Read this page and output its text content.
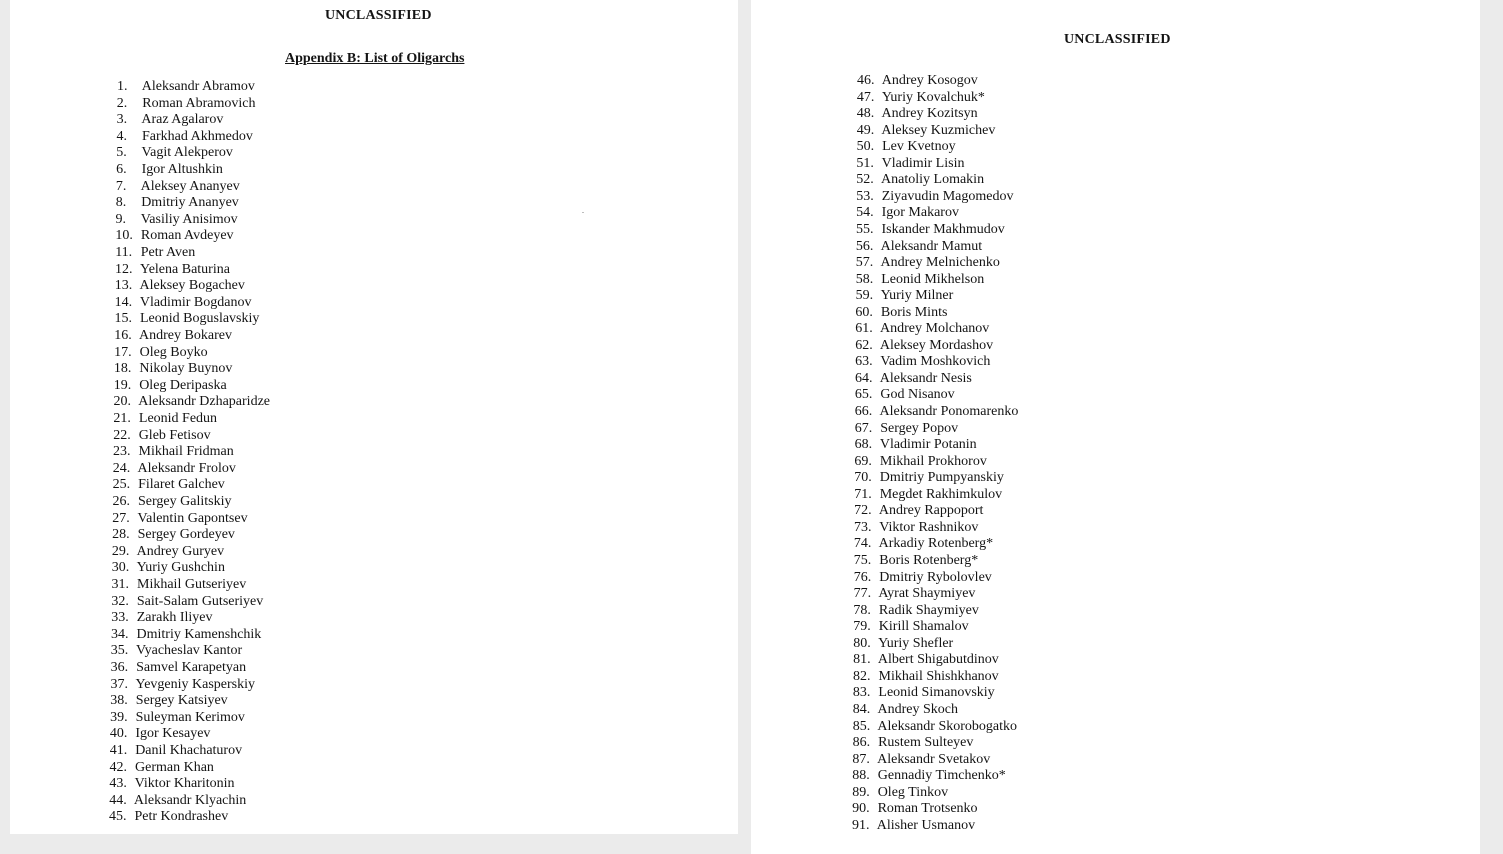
UNCLASSIFIED
Appendix B: List of Oligarchs
1. Aleksandr Abramov
2. Roman Abramovich
3. Araz Agalarov
4. Farkhad Akhmedov
5. Vagit Alekperov
6. Igor Altushkin
7. Aleksey Ananyev
8. Dmitriy Ananyev
9. Vasiliy Anisimov
10. Roman Avdeyev
11. Petr Aven
12. Yelena Baturina
13. Aleksey Bogachev
14. Vladimir Bogdanov
15. Leonid Boguslavskiy
16. Andrey Bokarev
17. Oleg Boyko
18. Nikolay Buynov
19. Oleg Deripaska
20. Aleksandr Dzhaparidze
21. Leonid Fedun
22. Gleb Fetisov
23. Mikhail Fridman
24. Aleksandr Frolov
25. Filaret Galchev
26. Sergey Galitskiy
27. Valentin Gapontsev
28. Sergey Gordeyev
29. Andrey Guryev
30. Yuriy Gushchin
31. Mikhail Gutseriyev
32. Sait-Salam Gutseriyev
33. Zarakh Iliyev
34. Dmitriy Kamenshchik
35. Vyacheslav Kantor
36. Samvel Karapetyan
37. Yevgeniy Kasperskiy
38. Sergey Katsiyev
39. Suleyman Kerimov
40. Igor Kesayev
41. Danil Khachaturov
42. German Khan
43. Viktor Kharitonin
44. Aleksandr Klyachin
45. Petr Kondrashev
UNCLASSIFIED
46. Andrey Kosogov
47. Yuriy Kovalchuk*
48. Andrey Kozitsyn
49. Aleksey Kuzmichev
50. Lev Kvetnoy
51. Vladimir Lisin
52. Anatoliy Lomakin
53. Ziyavudin Magomedov
54. Igor Makarov
55. Iskander Makhmudov
56. Aleksandr Mamut
57. Andrey Melnichenko
58. Leonid Mikhelson
59. Yuriy Milner
60. Boris Mints
61. Andrey Molchanov
62. Aleksey Mordashov
63. Vadim Moshkovich
64. Aleksandr Nesis
65. God Nisanov
66. Aleksandr Ponomarenko
67. Sergey Popov
68. Vladimir Potanin
69. Mikhail Prokhorov
70. Dmitriy Pumpyanskiy
71. Megdet Rakhimkulov
72. Andrey Rappoport
73. Viktor Rashnikov
74. Arkadiy Rotenberg*
75. Boris Rotenberg*
76. Dmitriy Rybolovlev
77. Ayrat Shaymiyev
78. Radik Shaymiyev
79. Kirill Shamalov
80. Yuriy Shefler
81. Albert Shigabutdinov
82. Mikhail Shishkhanov
83. Leonid Simanovskiy
84. Andrey Skoch
85. Aleksandr Skorobogatko
86. Rustem Sulteyev
87. Aleksandr Svetakov
88. Gennadiy Timchenko*
89. Oleg Tinkov
90. Roman Trotsenko
91. Alisher Usmanov
